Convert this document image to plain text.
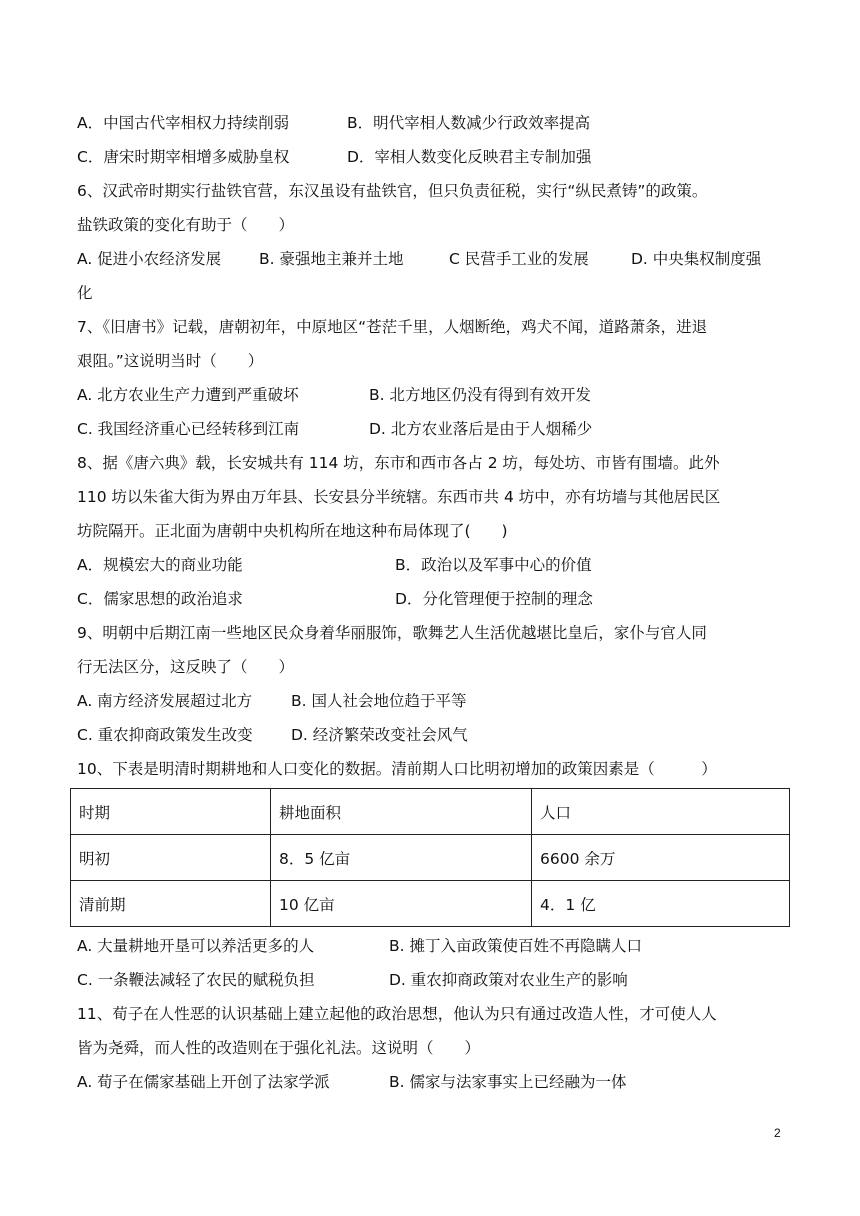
A．中国古代宰相权力持续削弱	B．明代宰相人数减少行政效率提高
C．唐宋时期宰相增多威胁皇权	D．宰相人数变化反映君主专制加强
6、汉武帝时期实行盐铁官营，东汉虽设有盐铁官，但只负责征税，实行“纵民煮铸”的政策。
盐铁政策的变化有助于（　　）
A. 促进小农经济发展	B. 豪强地主兼并土地	C 民营手工业的发展	D. 中央集权制度强
化
7、《旧唐书》记载，唐朝初年，中原地区“苍茫千里，人烟断绝，鸡犬不闻，道路萧条，进退
艰阻。”这说明当时（　　）
A. 北方农业生产力遭到严重破坏	B. 北方地区仍没有得到有效开发
C. 我国经济重心已经转移到江南	D. 北方农业落后是由于人烟稀少
8、据《唐六典》载，长安城共有 114 坊，东市和西市各占 2 坊，每处坊、市皆有围墙。此外
110 坊以朱雀大街为界由万年县、长安县分半统辖。东西市共 4 坊中，亦有坊墙与其他居民区
坊院隔开。正北面为唐朝中央机构所在地这种布局体现了(　　)
A．规模宏大的商业功能	B．政治以及军事中心的价值
C．儒家思想的政治追求	D．分化管理便于控制的理念
9、明朝中后期江南一些地区民众身着华丽服饰，歌舞艺人生活优越堪比皇后，家仆与官人同
行无法区分，这反映了（　　）
A. 南方经济发展超过北方	B. 国人社会地位趋于平等
C. 重农抑商政策发生改变	D. 经济繁荣改变社会风气
10、下表是明清时期耕地和人口变化的数据。清前期人口比明初增加的政策因素是（　　　）
时期	耕地面积	人口
明初	8．5 亿亩	6600 余万
清前期	10 亿亩	4．1 亿
A. 大量耕地开垦可以养活更多的人	B. 摊丁入亩政策使百姓不再隐瞒人口
C. 一条鞭法减轻了农民的赋税负担	D. 重农抑商政策对农业生产的影响
11、荀子在人性恶的认识基础上建立起他的政治思想，他认为只有通过改造人性，才可使人人
皆为尧舜，而人性的改造则在于强化礼法。这说明（　　）
A. 荀子在儒家基础上开创了法家学派	B. 儒家与法家事实上已经融为一体
2
